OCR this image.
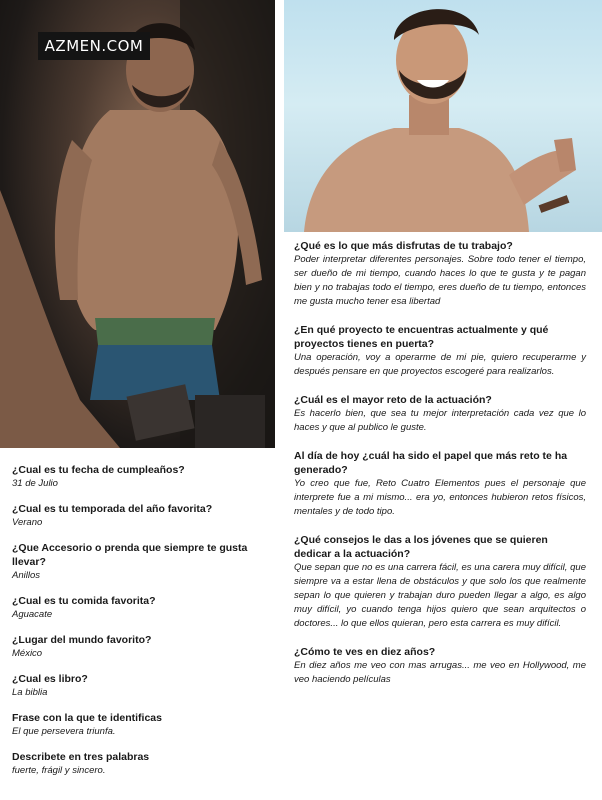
AZMEN.COM

¿Cual es tu fecha de cumpleaños?

31 de Julio

¿Cual es tu temporada del año favorita?

Verano

¿Que Accesorio o prenda que siempre te gusta llevar?

Anillos

¿Cual es tu comida favorita?

Aguacate

¿Lugar del mundo favorito?

México

¿Cual es libro?

La biblia

Frase con la que te identificas

El que persevera triunfa.

Describete en tres palabras

fuerte, frágil y sincero.

¿Qué es lo que más disfrutas de tu trabajo?

Poder interpretar diferentes personajes. Sobre todo tener el tiempo, ser dueño de mi tiempo, cuando haces lo que te gusta y te pagan bien y no trabajas todo el tiempo, eres dueño de tu tiempo, entonces me gusta mucho tener esa libertad

¿En qué proyecto te encuentras actualmente y qué proyectos tienes en puerta?

Una operación, voy a operarme de mi pie, quiero recuperarme y después pensare en que proyectos escogeré para realizarlos.

¿Cuál es el mayor reto de la actuación?

Es hacerlo bien, que sea tu mejor interpretación cada vez que lo haces y que al publico le guste.

Al día de hoy ¿cuál ha sido el papel que más reto te ha generado?

Yo creo que fue, Reto Cuatro Elementos pues el personaje que interprete fue a mi mismo... era yo, entonces hubieron retos físicos, mentales y de todo tipo.

¿Qué consejos le das a los jóvenes que se quieren dedicar a la actuación?

Que sepan que no es una carrera fácil, es una carera muy difícil, que siempre va a estar llena de obstáculos y que solo los que realmente sepan lo que quieren y trabajan duro pueden llegar a algo, es algo muy difícil, yo cuando tenga hijos quiero que sean arquitectos o doctores... lo que ellos quieran, pero esta carrera es muy difícil.

¿Cómo te ves en diez años?

En diez años me veo con mas arrugas... me veo en Hollywood, me veo haciendo películas
